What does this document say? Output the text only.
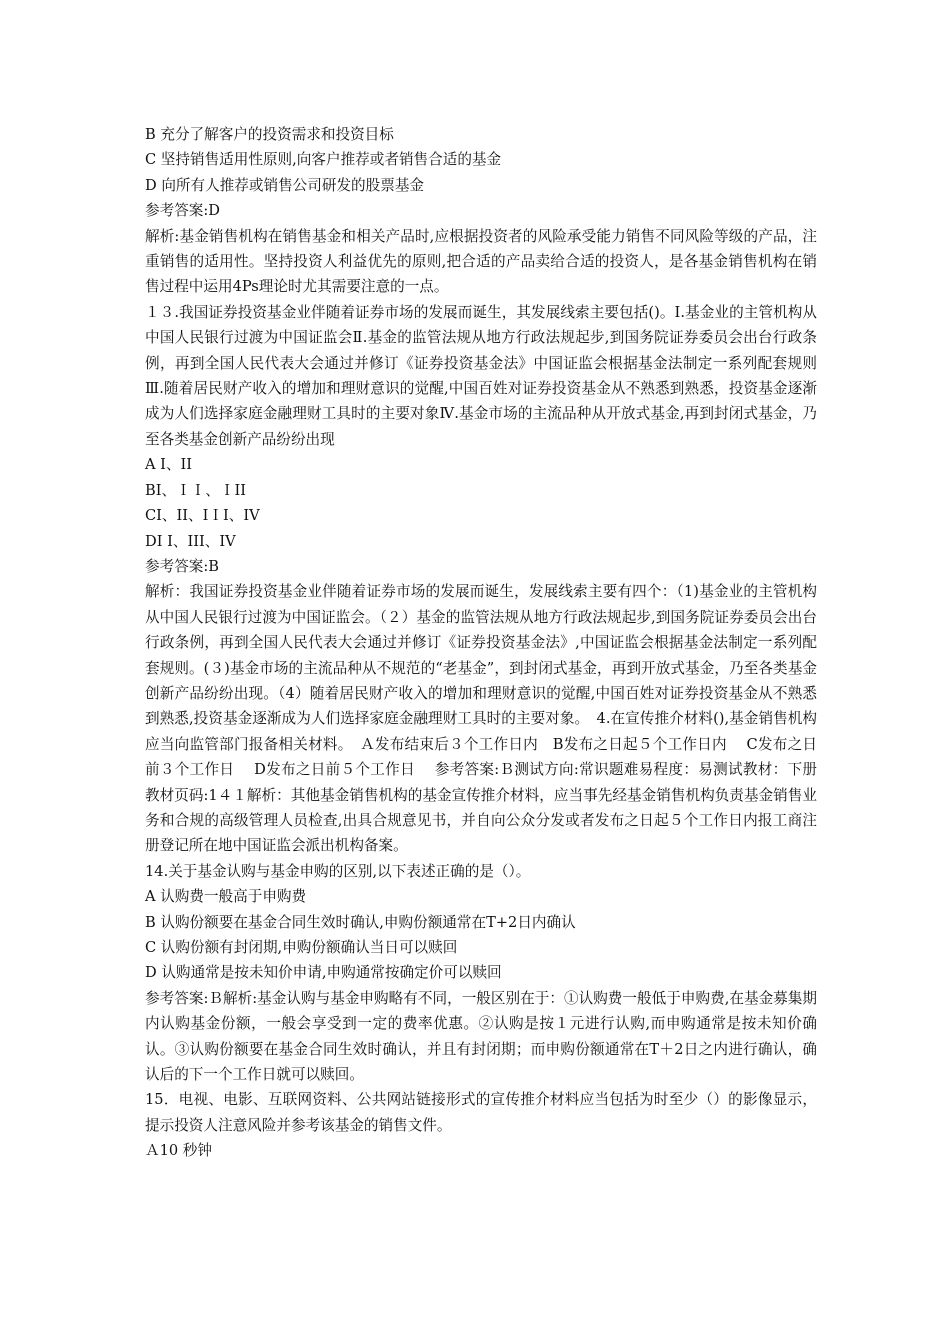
B 充分了解客户的投资需求和投资目标
C 坚持销售适用性原则,向客户推荐或者销售合适的基金
D 向所有人推荐或销售公司研发的股票基金
参考答案:D

解析:基金销售机构在销售基金和相关产品时,应根据投资者的风险承受能力销售不同风险等级的产品，注重销售的适用性。坚持投资人利益优先的原则,把合适的产品卖给合适的投资人，是各基金销售机构在销售过程中运用4Ps理论时尤其需要注意的一点。

１３.我国证券投资基金业伴随着证券市场的发展而诞生，其发展线索主要包括()。Ⅰ.基金业的主管机构从中国人民银行过渡为中国证监会Ⅱ.基金的监管法规从地方行政法规起步,到国务院证券委员会出台行政条例，再到全国人民代表大会通过并修订《证券投资基金法》中国证监会根据基金法制定一系列配套规则Ⅲ.随着居民财产收入的增加和理财意识的觉醒,中国百姓对证券投资基金从不熟悉到熟悉，投资基金逐渐成为人们选择家庭金融理财工具时的主要对象Ⅳ.基金市场的主流品种从开放式基金,再到封闭式基金，乃至各类基金创新产品纷纷出现

A Ⅰ、II
BI、ＩＩ、ＩII
CI、II、IＩI、IV
DI Ⅰ、III、IV
参考答案:B

解析：我国证券投资基金业伴随着证券市场的发展而诞生，发展线索主要有四个：（1)基金业的主管机构从中国人民银行过渡为中国证监会。（２）基金的监管法规从地方行政法规起步,到国务院证券委员会出台行政条例，再到全国人民代表大会通过并修订《证券投资基金法》,中国证监会根据基金法制定一系列配套规则。(３)基金市场的主流品种从不规范的“老基金”，到封闭式基金，再到开放式基金，乃至各类基金创新产品纷纷出现。（4）随着居民财产收入的增加和理财意识的觉醒,中国百姓对证券投资基金从不熟悉到熟悉,投资基金逐渐成为人们选择家庭金融理财工具时的主要对象。　4.在宣传推介材料(),基金销售机构应当向监管部门报备相关材料。　Ａ发布结束后３个工作日内　B发布之日起５个工作日内　 C发布之日前３个工作日　 D发布之日前５个工作日　 参考答案:Ｂ测试方向:常识题难易程度：易测试教材：下册教材页码:1４１解析：其他基金销售机构的基金宣传推介材料，应当事先经基金销售机构负责基金销售业务和合规的高级管理人员检查,出具合规意见书，并自向公众分发或者发布之日起５个工作日内报工商注册登记所在地中国证监会派出机构备案。

14.关于基金认购与基金申购的区别,以下表述正确的是（）。

A 认购费一般高于申购费
B 认购份额要在基金合同生效时确认,申购份额通常在T+2日内确认
C 认购份额有封闭期,申购份额确认当日可以赎回
D 认购通常是按未知价申请,申购通常按确定价可以赎回

参考答案:Ｂ解析:基金认购与基金申购略有不同，一般区别在于：①认购费一般低于申购费,在基金募集期内认购基金份额，一般会享受到一定的费率优惠。②认购是按１元进行认购,而申购通常是按未知价确认。③认购份额要在基金合同生效时确认，并且有封闭期；而申购份额通常在T＋2日之内进行确认，确认后的下一个工作日就可以赎回。

15．电视、电影、互联网资料、公共网站链接形式的宣传推介材料应当包括为时至少（）的影像显示，提示投资人注意风险并参考该基金的销售文件。

Ａ10 秒钟
